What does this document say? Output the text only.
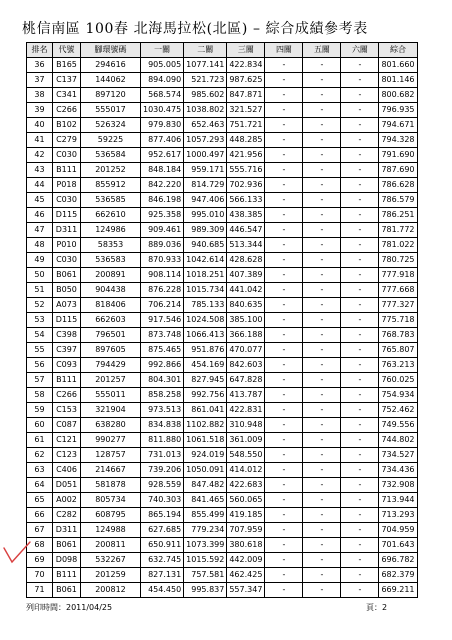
桃信南區 100春 北海馬拉松(北區) – 綜合成績參考表
排名	代號	腳環號碼	一關	二關	三關	四關	五關	六關	綜合
36	B165	294616	905.005	1077.141	422.834	-	-	-	801.660
37	C137	144062	894.090	521.723	987.625	-	-	-	801.146
38	C341	897120	568.574	985.602	847.871	-	-	-	800.682
39	C266	555017	1030.475	1038.802	321.527	-	-	-	796.935
40	B102	526324	979.830	652.463	751.721	-	-	-	794.671
41	C279	59225	877.406	1057.293	448.285	-	-	-	794.328
42	C030	536584	952.617	1000.497	421.956	-	-	-	791.690
43	B111	201252	848.184	959.171	555.716	-	-	-	787.690
44	P018	855912	842.220	814.729	702.936	-	-	-	786.628
45	C030	536585	846.198	947.406	566.133	-	-	-	786.579
46	D115	662610	925.358	995.010	438.385	-	-	-	786.251
47	D311	124986	909.461	989.309	446.547	-	-	-	781.772
48	P010	58353	889.036	940.685	513.344	-	-	-	781.022
49	C030	536583	870.933	1042.614	428.628	-	-	-	780.725
50	B061	200891	908.114	1018.251	407.389	-	-	-	777.918
51	B050	904438	876.228	1015.734	441.042	-	-	-	777.668
52	A073	818406	706.214	785.133	840.635	-	-	-	777.327
53	D115	662603	917.546	1024.508	385.100	-	-	-	775.718
54	C398	796501	873.748	1066.413	366.188	-	-	-	768.783
55	C397	897605	875.465	951.876	470.077	-	-	-	765.807
56	C093	794429	992.866	454.169	842.603	-	-	-	763.213
57	B111	201257	804.301	827.945	647.828	-	-	-	760.025
58	C266	555011	858.258	992.756	413.787	-	-	-	754.934
59	C153	321904	973.513	861.041	422.831	-	-	-	752.462
60	C087	638280	834.838	1102.882	310.948	-	-	-	749.556
61	C121	990277	811.880	1061.518	361.009	-	-	-	744.802
62	C123	128757	731.013	924.019	548.550	-	-	-	734.527
63	C406	214667	739.206	1050.091	414.012	-	-	-	734.436
64	D051	581878	928.559	847.482	422.683	-	-	-	732.908
65	A002	805734	740.303	841.465	560.065	-	-	-	713.944
66	C282	608795	865.194	855.499	419.185	-	-	-	713.293
67	D311	124988	627.685	779.234	707.959	-	-	-	704.959
68	B061	200811	650.911	1073.399	380.618	-	-	-	701.643
69	D098	532267	632.745	1015.592	442.009	-	-	-	696.782
70	B111	201259	827.131	757.581	462.425	-	-	-	682.379
71	B061	200812	454.450	995.837	557.347	-	-	-	669.211
列印時間：2011/04/25	頁：2
